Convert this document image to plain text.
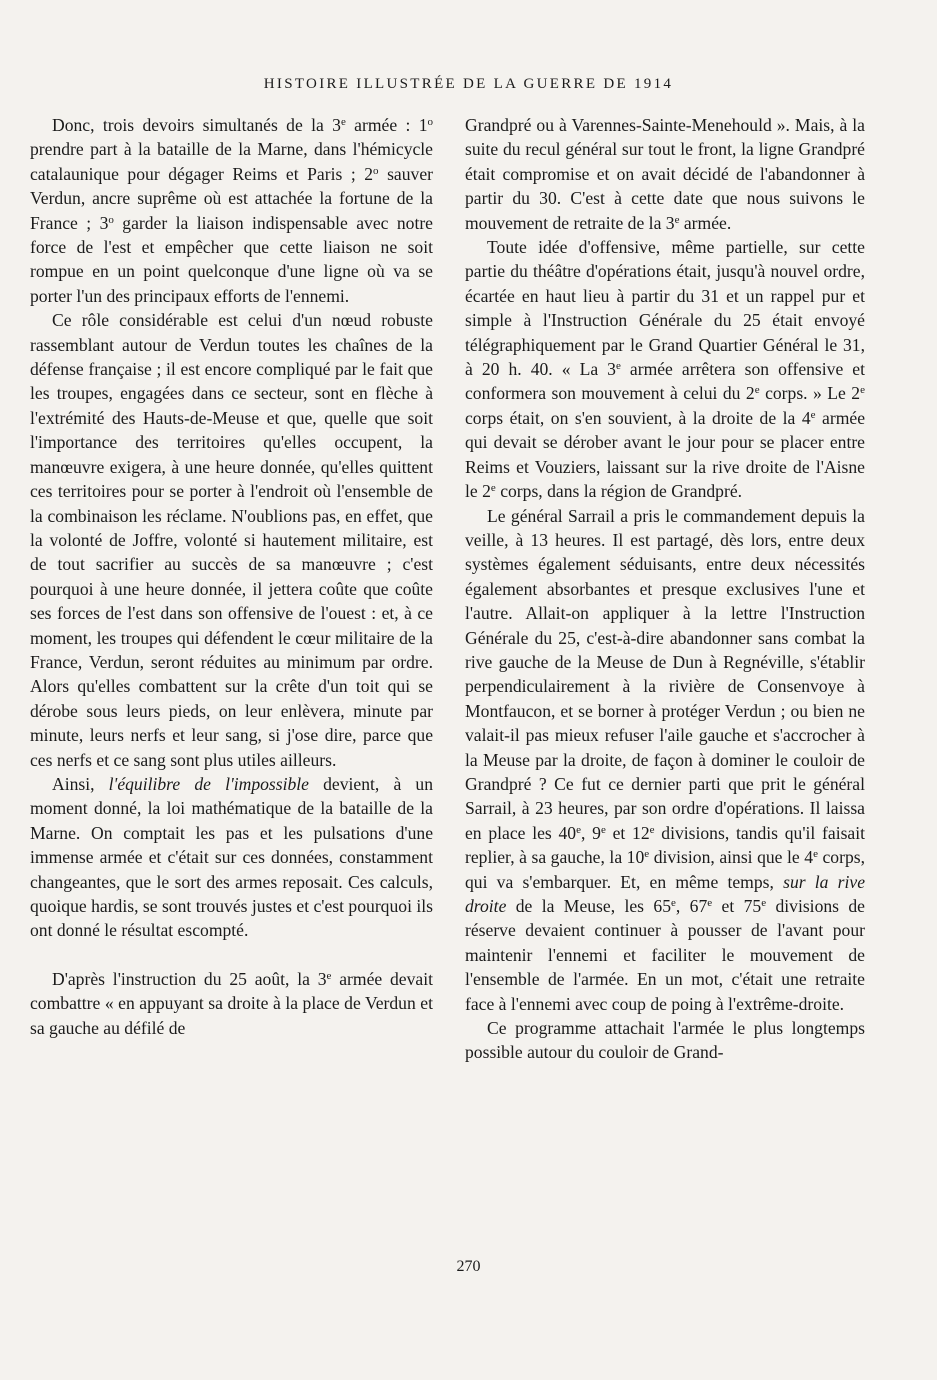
HISTOIRE ILLUSTRÉE DE LA GUERRE DE 1914

Donc, trois devoirs simultanés de la 3e armée : 1$^o$ prendre part à la bataille de la Marne, dans l'hémicycle catalaunique pour dégager Reims et Paris ; 2$^o$ sauver Verdun, ancre suprême où est attachée la fortune de la France ; 3$^o$ garder la liaison indispensable avec notre force de l'est et empêcher que cette liaison ne soit rompue en un point quelconque d'une ligne où va se porter l'un des principaux efforts de l'ennemi.

Ce rôle considérable est celui d'un nœud robuste rassemblant autour de Verdun toutes les chaînes de la défense française ; il est encore compliqué par le fait que les troupes, engagées dans ce secteur, sont en flèche à l'extrémité des Hauts-de-Meuse et que, quelle que soit l'importance des territoires qu'elles occupent, la manœuvre exigera, à une heure donnée, qu'elles quittent ces territoires pour se porter à l'endroit où l'ensemble de la combinaison les réclame. N'oublions pas, en effet, que la volonté de Joffre, volonté si hautement militaire, est de tout sacrifier au succès de sa manœuvre ; c'est pourquoi à une heure donnée, il jettera coûte que coûte ses forces de l'est dans son offensive de l'ouest : et, à ce moment, les troupes qui défendent le cœur militaire de la France, Verdun, seront réduites au minimum par ordre. Alors qu'elles combattent sur la crête d'un toit qui se dérobe sous leurs pieds, on leur enlèvera, minute par minute, leurs nerfs et leur sang, si j'ose dire, parce que ces nerfs et ce sang sont plus utiles ailleurs.

Ainsi, l'équilibre de l'impossible devient, à un moment donné, la loi mathématique de la bataille de la Marne. On comptait les pas et les pulsations d'une immense armée et c'était sur ces données, constamment changeantes, que le sort des armes reposait. Ces calculs, quoique hardis, se sont trouvés justes et c'est pourquoi ils ont donné le résultat escompté.

D'après l'instruction du 25 août, la 3e armée devait combattre « en appuyant sa droite à la place de Verdun et sa gauche au défilé de

Grandpré ou à Varennes-Sainte-Menehould ». Mais, à la suite du recul général sur tout le front, la ligne Grandpré était compromise et on avait décidé de l'abandonner à partir du 30. C'est à cette date que nous suivons le mouvement de retraite de la 3e armée.

Toute idée d'offensive, même partielle, sur cette partie du théâtre d'opérations était, jusqu'à nouvel ordre, écartée en haut lieu à partir du 31 et un rappel pur et simple à l'Instruction Générale du 25 était envoyé télégraphiquement par le Grand Quartier Général le 31, à 20 h. 40. « La 3e armée arrêtera son offensive et conformera son mouvement à celui du 2e corps. » Le 2e corps était, on s'en souvient, à la droite de la 4e armée qui devait se dérober avant le jour pour se placer entre Reims et Vouziers, laissant sur la rive droite de l'Aisne le 2e corps, dans la région de Grandpré.

Le général Sarrail a pris le commandement depuis la veille, à 13 heures. Il est partagé, dès lors, entre deux systèmes également séduisants, entre deux nécessités également absorbantes et presque exclusives l'une et l'autre. Allait-on appliquer à la lettre l'Instruction Générale du 25, c'est-à-dire abandonner sans combat la rive gauche de la Meuse de Dun à Regnéville, s'établir perpendiculairement à la rivière de Consenvoye à Montfaucon, et se borner à protéger Verdun ; ou bien ne valait-il pas mieux refuser l'aile gauche et s'accrocher à la Meuse par la droite, de façon à dominer le couloir de Grandpré ? Ce fut ce dernier parti que prit le général Sarrail, à 23 heures, par son ordre d'opérations. Il laissa en place les 40e, 9e et 12e divisions, tandis qu'il faisait replier, à sa gauche, la 10e division, ainsi que le 4e corps, qui va s'embarquer. Et, en même temps, sur la rive droite de la Meuse, les 65e, 67e et 75e divisions de réserve devaient continuer à pousser de l'avant pour maintenir l'ennemi et faciliter le mouvement de l'ensemble de l'armée. En un mot, c'était une retraite face à l'ennemi avec coup de poing à l'extrême-droite.

Ce programme attachait l'armée le plus longtemps possible autour du couloir de Grand-

270
